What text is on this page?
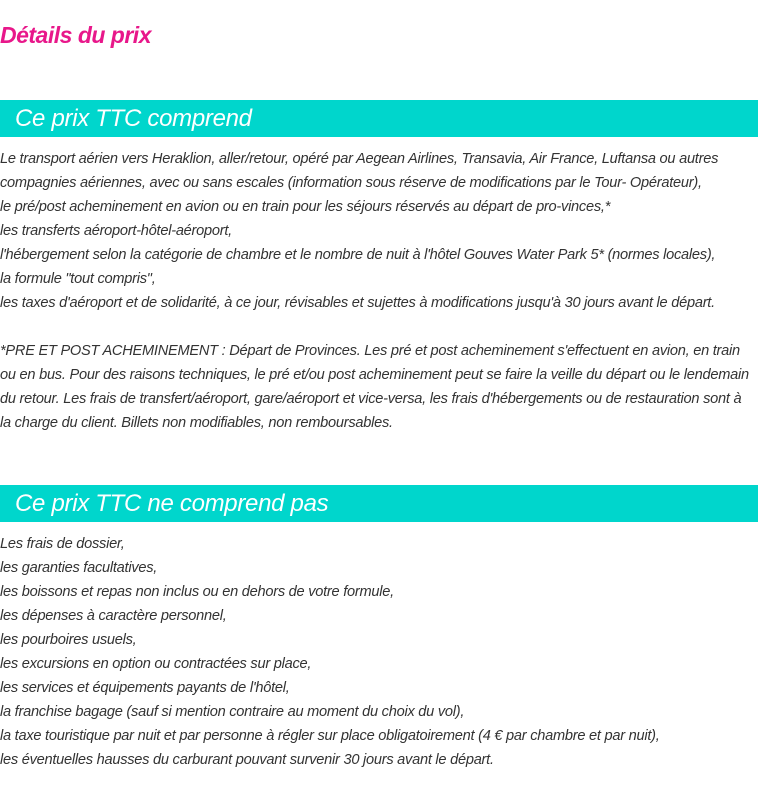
Détails du prix
Ce prix TTC comprend
Le transport aérien vers Heraklion, aller/retour, opéré par Aegean Airlines, Transavia, Air France, Luftansa ou autres
compagnies aériennes, avec ou sans escales (information sous réserve de modifications par le Tour- Opérateur),
le pré/post acheminement en avion ou en train pour les séjours réservés au départ de pro-vinces,*
les transferts aéroport-hôtel-aéroport,
l'hébergement selon la catégorie de chambre et le nombre de nuit à l'hôtel Gouves Water Park 5* (normes locales),
la formule "tout compris",
les taxes d'aéroport et de solidarité, à ce jour, révisables et sujettes à modifications jusqu'à 30 jours avant le départ.
*PRE ET POST ACHEMINEMENT : Départ de Provinces. Les pré et post acheminement s'effectuent en avion, en train
ou en bus. Pour des raisons techniques, le pré et/ou post acheminement peut se faire la veille du départ ou le lendemain
du retour. Les frais de transfert/aéroport, gare/aéroport et vice-versa, les frais d'hébergements ou de restauration sont à
la charge du client. Billets non modifiables, non remboursables.
Ce prix TTC ne comprend pas
Les frais de dossier,
les garanties facultatives,
les boissons et repas non inclus ou en dehors de votre formule,
les dépenses à caractère personnel,
les pourboires usuels,
les excursions en option ou contractées sur place,
les services et équipements payants de l'hôtel,
la franchise bagage (sauf si mention contraire au moment du choix du vol),
la taxe touristique par nuit et par personne à régler sur place obligatoirement (4 € par chambre et par nuit),
les éventuelles hausses du carburant pouvant survenir 30 jours avant le départ.
